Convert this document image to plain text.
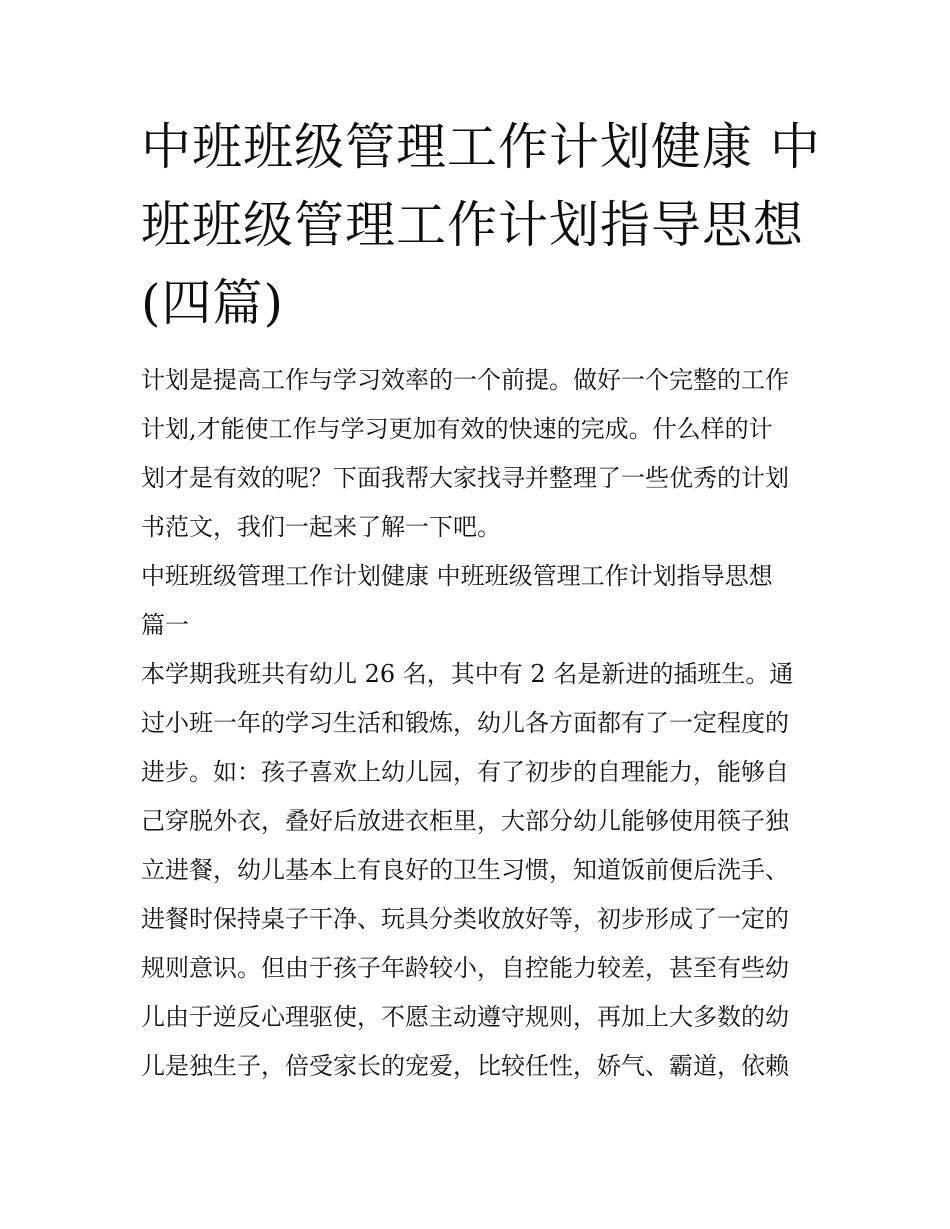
中班班级管理工作计划健康 中
班班级管理工作计划指导思想
(四篇)

计划是提高工作与学习效率的一个前提。做好一个完整的工作
计划,才能使工作与学习更加有效的快速的完成。什么样的计
划才是有效的呢？下面我帮大家找寻并整理了一些优秀的计划
书范文，我们一起来了解一下吧。

中班班级管理工作计划健康 中班班级管理工作计划指导思想
篇一

本学期我班共有幼儿 26 名，其中有 2 名是新进的插班生。通
过小班一年的学习生活和锻炼，幼儿各方面都有了一定程度的
进步。如：孩子喜欢上幼儿园，有了初步的自理能力，能够自
己穿脱外衣，叠好后放进衣柜里，大部分幼儿能够使用筷子独
立进餐，幼儿基本上有良好的卫生习惯，知道饭前便后洗手、
进餐时保持桌子干净、玩具分类收放好等，初步形成了一定的
规则意识。但由于孩子年龄较小，自控能力较差，甚至有些幼
儿由于逆反心理驱使，不愿主动遵守规则，再加上大多数的幼
儿是独生子，倍受家长的宠爱，比较任性，娇气、霸道，依赖
